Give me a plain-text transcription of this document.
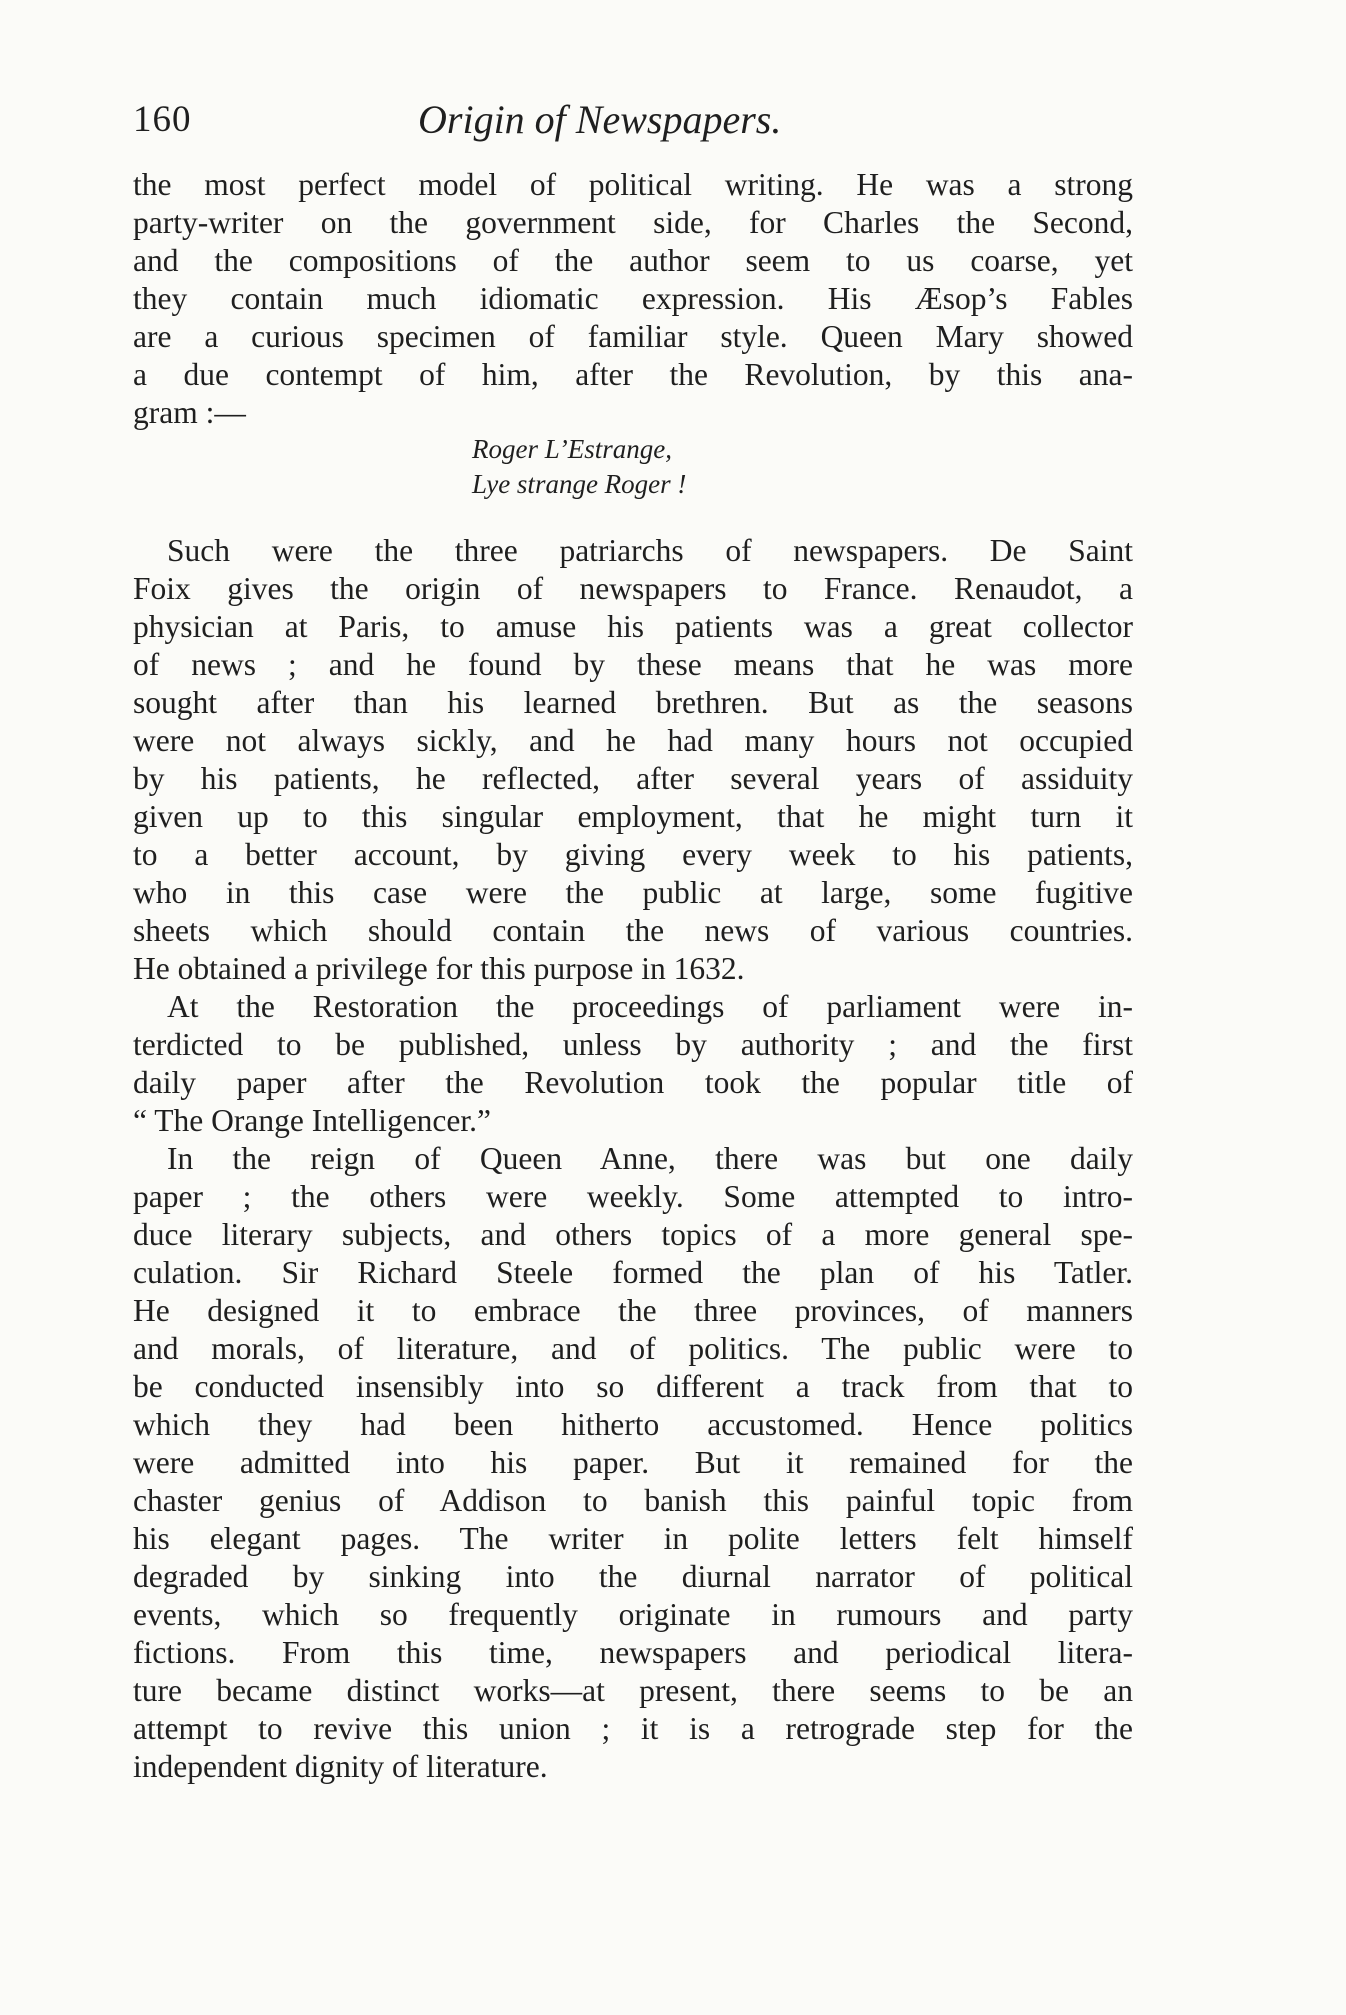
160	Origin of Newspapers.

the most perfect model of political writing. He was a strong
party-writer on the government side, for Charles the Second,
and the compositions of the author seem to us coarse, yet
they contain much idiomatic expression. His Æsop’s Fables
are a curious specimen of familiar style. Queen Mary showed
a due contempt of him, after the Revolution, by this ana-
gram :—

Roger L’Estrange,
Lye strange Roger !

Such were the three patriarchs of newspapers. De Saint
Foix gives the origin of newspapers to France. Renaudot, a
physician at Paris, to amuse his patients was a great collector
of news ; and he found by these means that he was more
sought after than his learned brethren. But as the seasons
were not always sickly, and he had many hours not occupied
by his patients, he reflected, after several years of assiduity
given up to this singular employment, that he might turn it
to a better account, by giving every week to his patients,
who in this case were the public at large, some fugitive
sheets which should contain the news of various countries.
He obtained a privilege for this purpose in 1632.

At the Restoration the proceedings of parliament were in-
terdicted to be published, unless by authority ; and the first
daily paper after the Revolution took the popular title of
“ The Orange Intelligencer.”

In the reign of Queen Anne, there was but one daily
paper ; the others were weekly. Some attempted to intro-
duce literary subjects, and others topics of a more general spe-
culation. Sir Richard Steele formed the plan of his Tatler.
He designed it to embrace the three provinces, of manners
and morals, of literature, and of politics. The public were to
be conducted insensibly into so different a track from that to
which they had been hitherto accustomed. Hence politics
were admitted into his paper. But it remained for the
chaster genius of Addison to banish this painful topic from
his elegant pages. The writer in polite letters felt himself
degraded by sinking into the diurnal narrator of political
events, which so frequently originate in rumours and party
fictions. From this time, newspapers and periodical litera-
ture became distinct works—at present, there seems to be an
attempt to revive this union ; it is a retrograde step for the
independent dignity of literature.
